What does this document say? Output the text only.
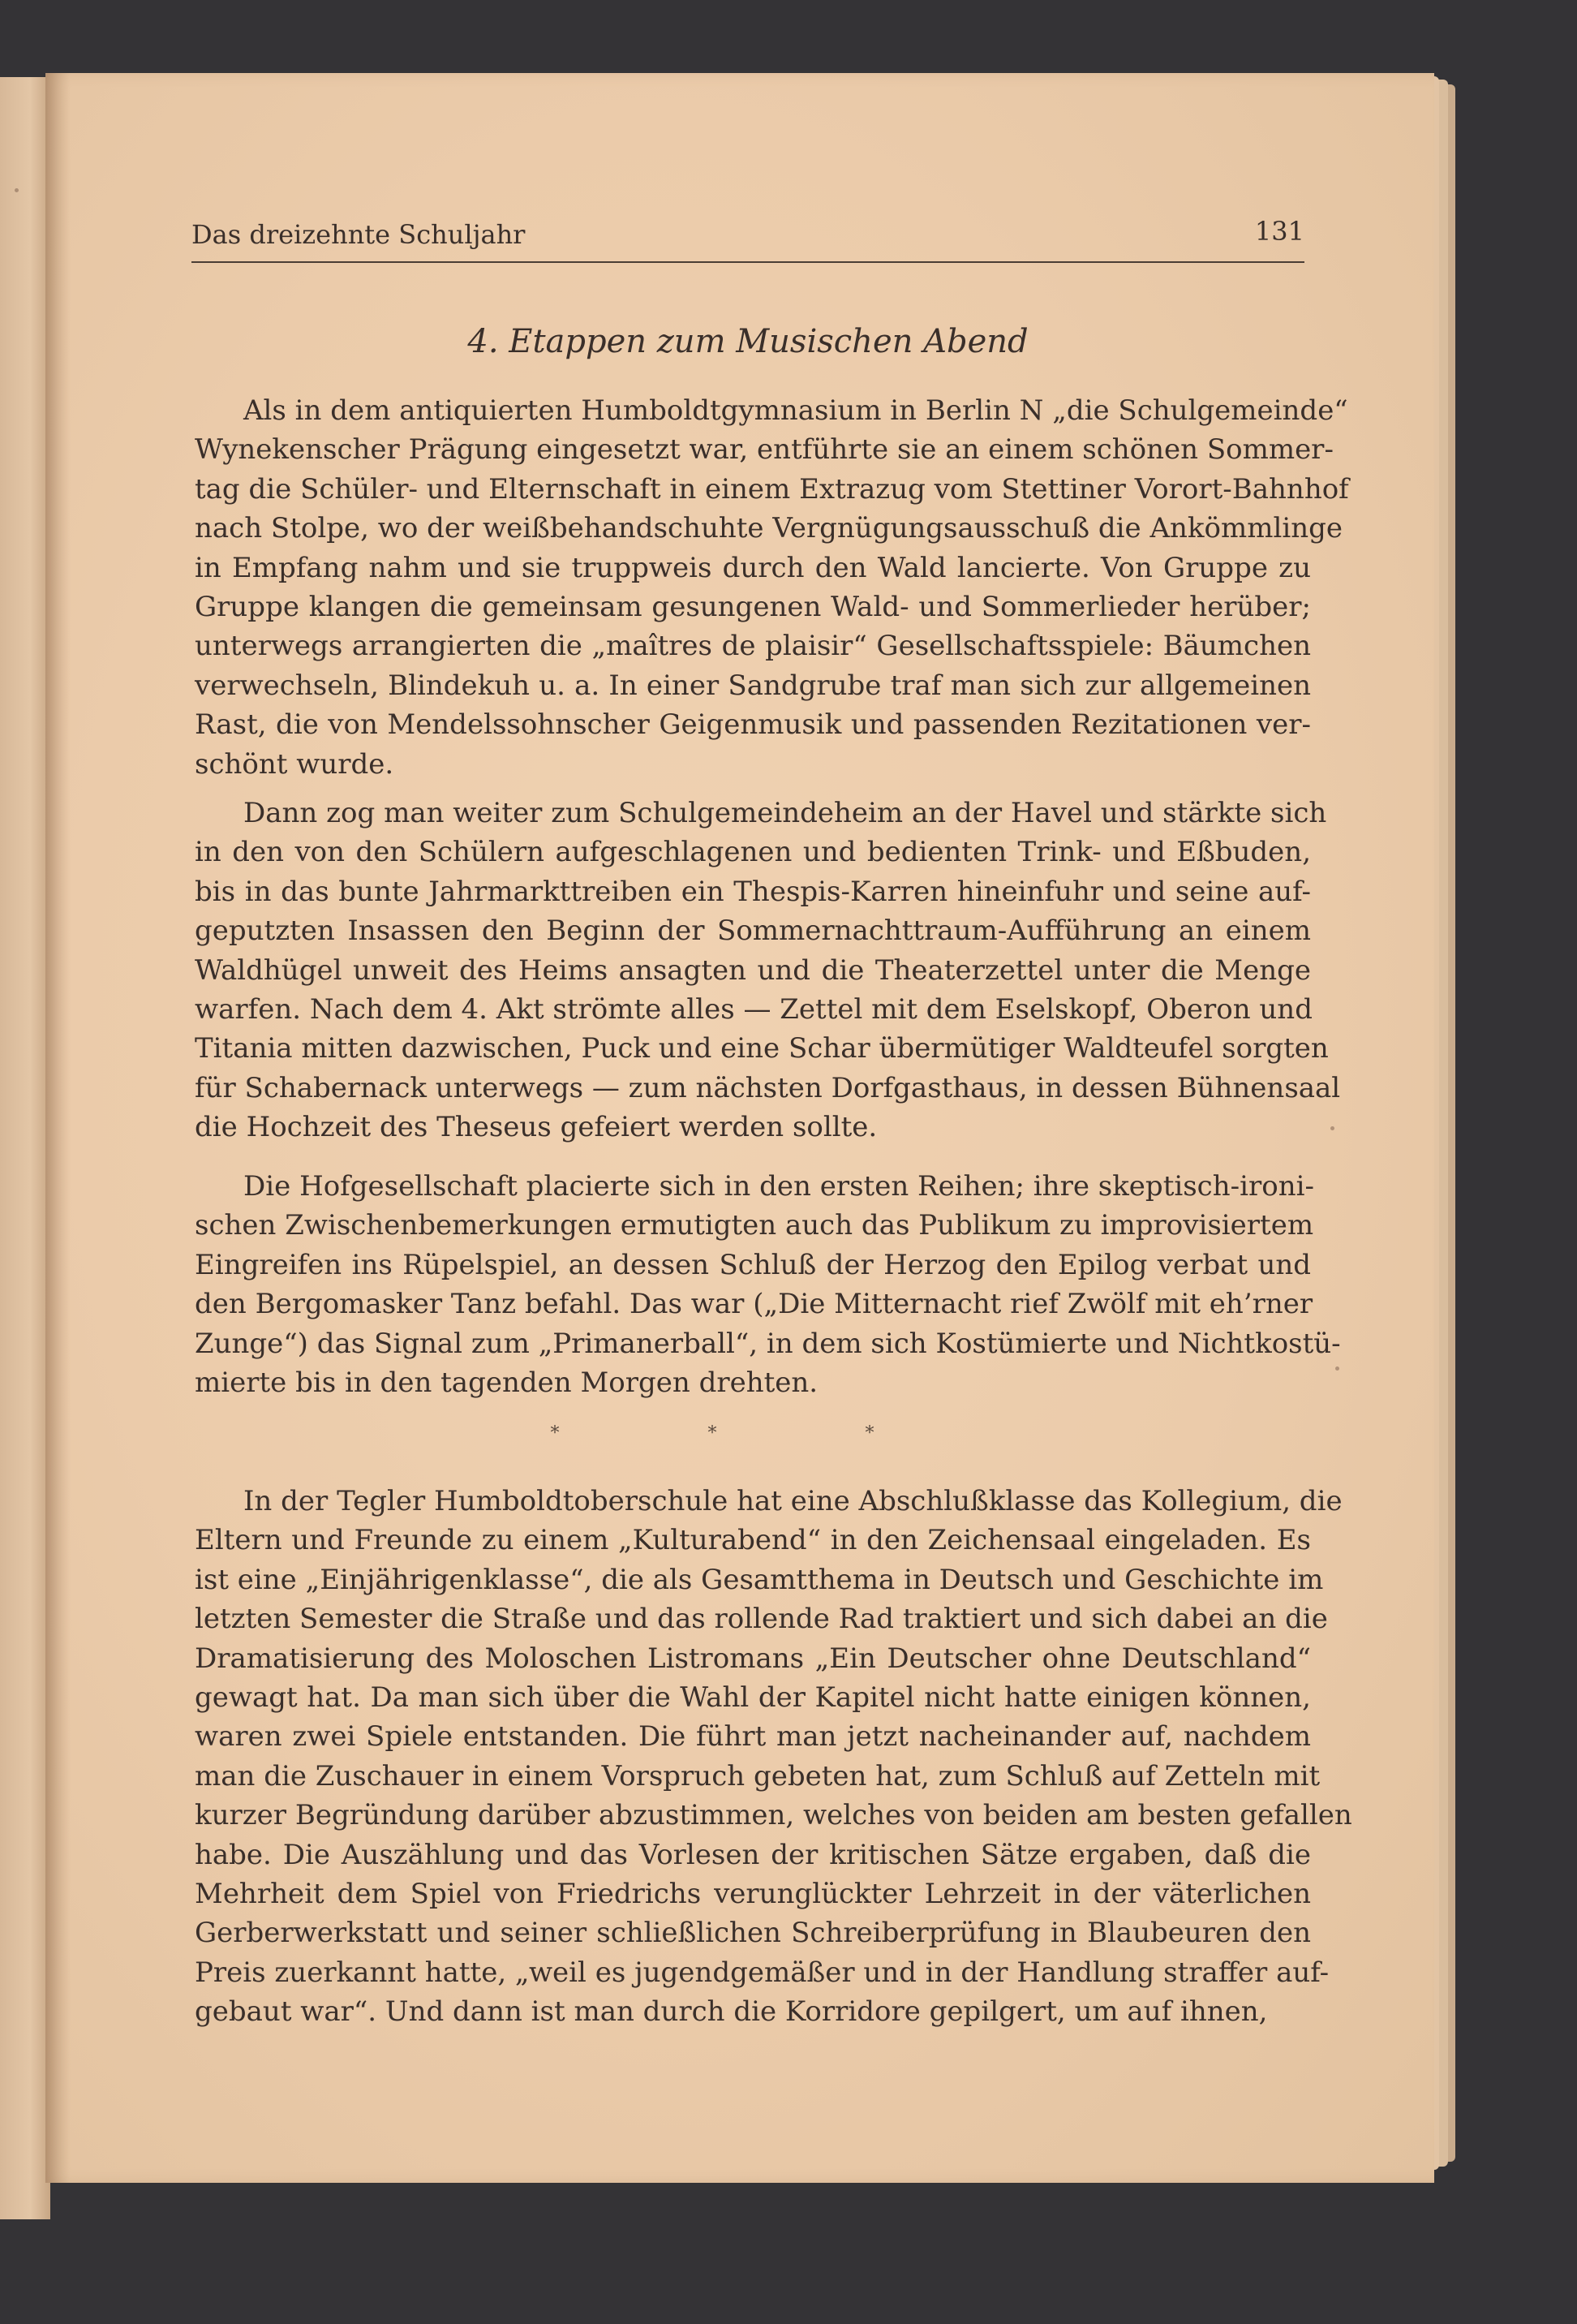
Das dreizehnte Schuljahr	131
4. Etappen zum Musischen Abend
Als in dem antiquierten Humboldtgymnasium in Berlin N „die Schulgemeinde“
Wynekenscher Prägung eingesetzt war, entführte sie an einem schönen Sommer-
tag die Schüler- und Elternschaft in einem Extrazug vom Stettiner Vorort-Bahnhof
nach Stolpe, wo der weißbehandschuhte Vergnügungsausschuß die Ankömmlinge
in Empfang nahm und sie truppweis durch den Wald lancierte. Von Gruppe zu
Gruppe klangen die gemeinsam gesungenen Wald- und Sommerlieder herüber;
unterwegs arrangierten die „maîtres de plaisir“ Gesellschaftsspiele: Bäumchen
verwechseln, Blindekuh u. a. In einer Sandgrube traf man sich zur allgemeinen
Rast, die von Mendelssohnscher Geigenmusik und passenden Rezitationen ver-
schönt wurde.
Dann zog man weiter zum Schulgemeindeheim an der Havel und stärkte sich
in den von den Schülern aufgeschlagenen und bedienten Trink- und Eßbuden,
bis in das bunte Jahrmarkttreiben ein Thespis-Karren hineinfuhr und seine auf-
geputzten Insassen den Beginn der Sommernachttraum-Aufführung an einem
Waldhügel unweit des Heims ansagten und die Theaterzettel unter die Menge
warfen. Nach dem 4. Akt strömte alles — Zettel mit dem Eselskopf, Oberon und
Titania mitten dazwischen, Puck und eine Schar übermütiger Waldteufel sorgten
für Schabernack unterwegs — zum nächsten Dorfgasthaus, in dessen Bühnensaal
die Hochzeit des Theseus gefeiert werden sollte.
Die Hofgesellschaft placierte sich in den ersten Reihen; ihre skeptisch-ironi-
schen Zwischenbemerkungen ermutigten auch das Publikum zu improvisiertem
Eingreifen ins Rüpelspiel, an dessen Schluß der Herzog den Epilog verbat und
den Bergomasker Tanz befahl. Das war („Die Mitternacht rief Zwölf mit eh’rner
Zunge“) das Signal zum „Primanerball“, in dem sich Kostümierte und Nichtkostü-
mierte bis in den tagenden Morgen drehten.
* * *
In der Tegler Humboldtoberschule hat eine Abschlußklasse das Kollegium, die
Eltern und Freunde zu einem „Kulturabend“ in den Zeichensaal eingeladen. Es
ist eine „Einjährigenklasse“, die als Gesamtthema in Deutsch und Geschichte im
letzten Semester die Straße und das rollende Rad traktiert und sich dabei an die
Dramatisierung des Moloschen Listromans „Ein Deutscher ohne Deutschland“
gewagt hat. Da man sich über die Wahl der Kapitel nicht hatte einigen können,
waren zwei Spiele entstanden. Die führt man jetzt nacheinander auf, nachdem
man die Zuschauer in einem Vorspruch gebeten hat, zum Schluß auf Zetteln mit
kurzer Begründung darüber abzustimmen, welches von beiden am besten gefallen
habe. Die Auszählung und das Vorlesen der kritischen Sätze ergaben, daß die
Mehrheit dem Spiel von Friedrichs verunglückter Lehrzeit in der väterlichen
Gerberwerkstatt und seiner schließlichen Schreiberprüfung in Blaubeuren den
Preis zuerkannt hatte, „weil es jugendgemäßer und in der Handlung straffer auf-
gebaut war“. Und dann ist man durch die Korridore gepilgert, um auf ihnen,
